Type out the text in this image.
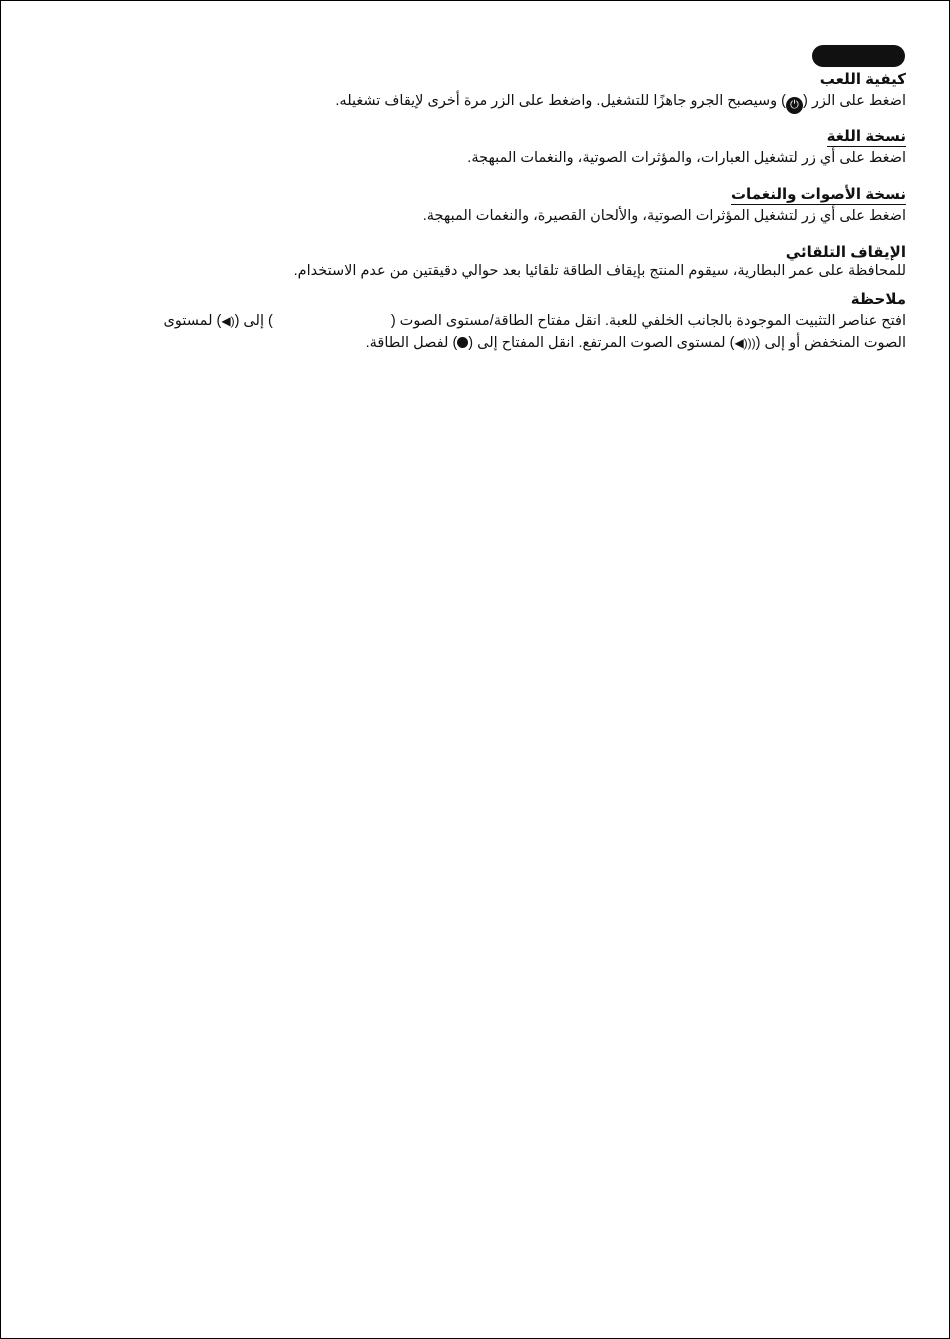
كيفية اللعب

اضغط على الزر (⏻) وسيصبح الجرو جاهزًا للتشغيل. واضغط على الزر مرة أخرى لإيقاف تشغيله.

نسخة اللغة

اضغط على أي زر لتشغيل العبارات، والمؤثرات الصوتية، والنغمات المبهجة.

نسخة الأصوات والنغمات

اضغط على أي زر لتشغيل المؤثرات الصوتية، والألحان القصيرة، والنغمات المبهجة.

الإيقاف التلقائي

للمحافظة على عمر البطارية، سيقوم المنتج بإيقاف الطاقة تلقائيا بعد حوالي دقيقتين من عدم الاستخدام.

ملاحظة

افتح عناصر التثبيت الموجودة بالجانب الخلفي للعبة. انقل مفتاح الطاقة/مستوى الصوت () إلى (◀)) لمستوى

الصوت المنخفض أو إلى (◀)))) لمستوى الصوت المرتفع. انقل المفتاح إلى () لفصل الطاقة.
